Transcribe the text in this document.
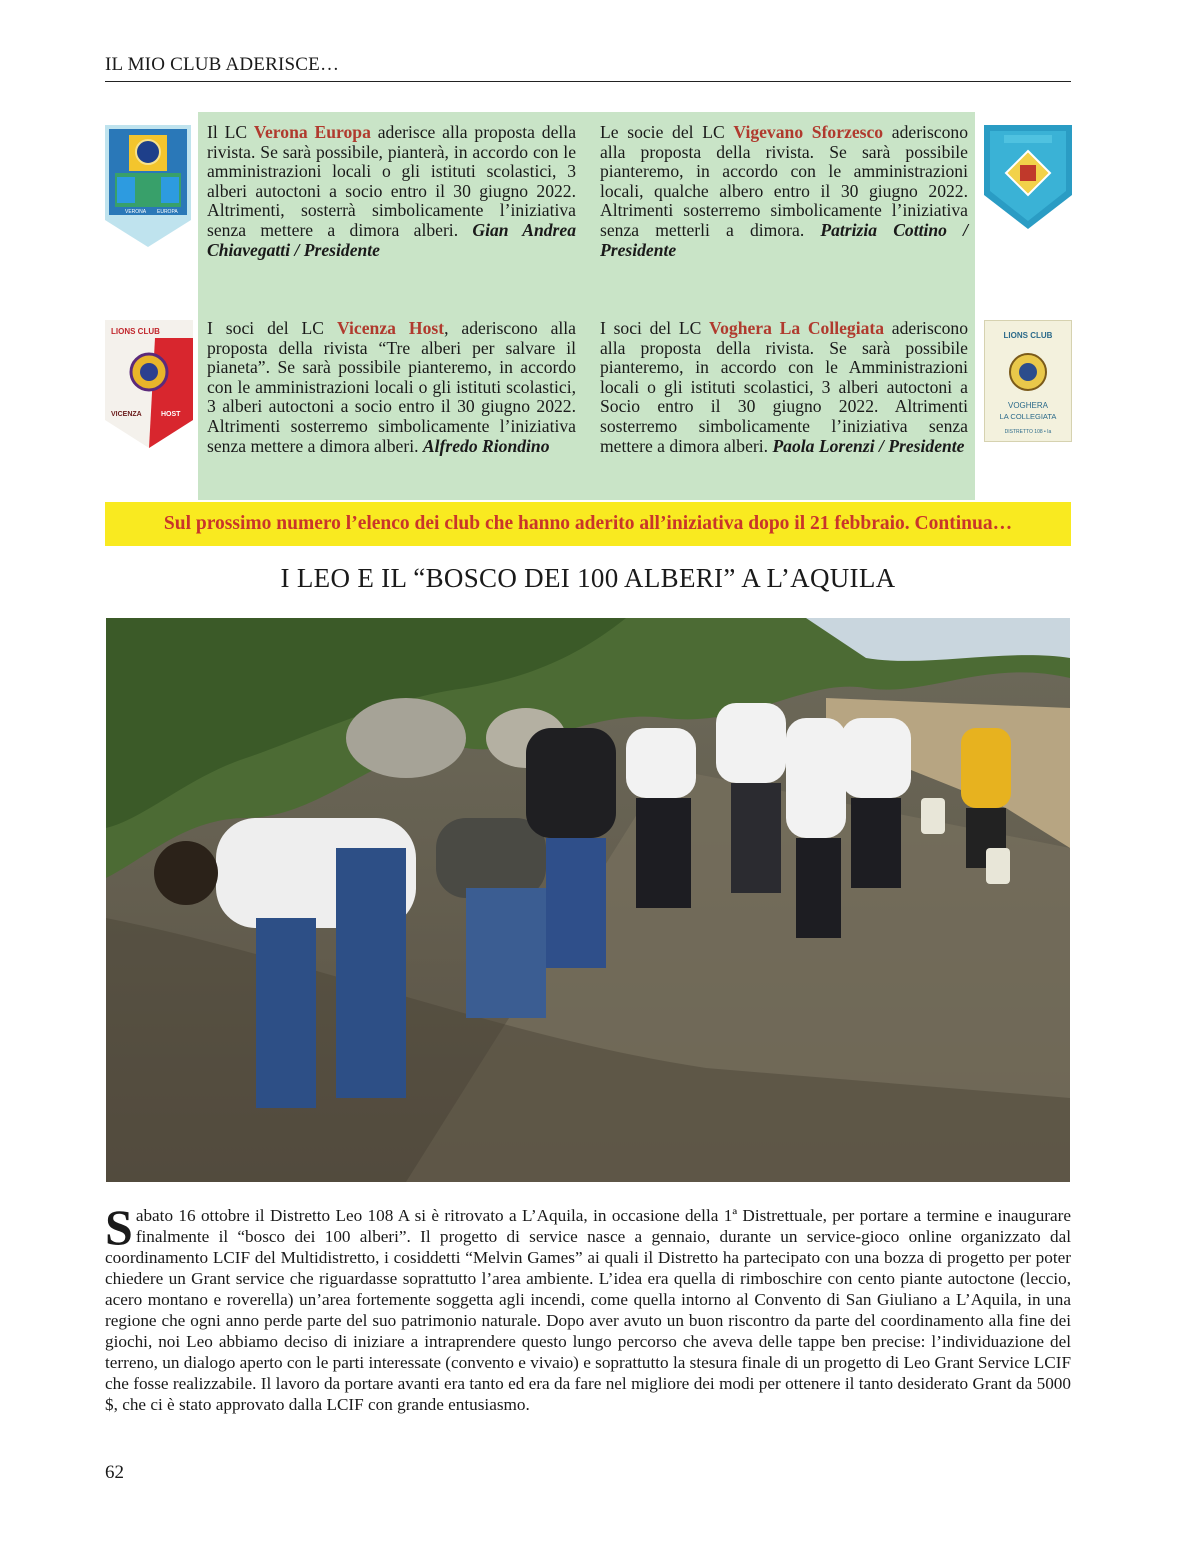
IL MIO CLUB ADERISCE…
VERONA EUROPA
LIONS CLUB
VICENZA	HOST
LIONS CLUB
VOGHERA
LA COLLEGIATA
DISTRETTO 108 • Ia
Il LC Verona Europa aderisce alla proposta della rivista. Se sarà possibile, pianterà, in accordo con le amministrazioni locali o gli istituti scolastici, 3 alberi autoctoni a socio entro il 30 giugno 2022. Altrimenti, sosterrà simbolicamente l’iniziativa senza mettere a dimora alberi. Gian Andrea Chiavegatti / Presidente
Le socie del LC Vigevano Sforzesco aderiscono alla proposta della rivista. Se sarà possibile pianteremo, in accordo con le amministrazioni locali, qualche albero entro il 30 giugno 2022. Altrimenti sosterremo simbolicamente l’iniziativa senza metterli a dimora. Patrizia Cottino / Presidente
I soci del LC Vicenza Host, aderiscono alla proposta della rivista “Tre alberi per salvare il pianeta”. Se sarà possibile pianteremo, in accordo con le amministrazioni locali o gli istituti scolastici, 3 alberi autoctoni a socio entro il 30 giugno 2022. Altrimenti sosterremo simbolicamente l’iniziativa senza mettere a dimora alberi. Alfredo Riondino
I soci del LC Voghera La Collegiata aderiscono alla proposta della rivista. Se sarà possibile pianteremo, in accordo con le Amministrazioni locali o gli istituti scolastici, 3 alberi autoctoni a Socio entro il 30 giugno 2022. Altrimenti sosterremo simbolicamente l’iniziativa senza mettere a dimora alberi. Paola Lorenzi / Presidente
Sul prossimo numero l’elenco dei club che hanno aderito all’iniziativa dopo il 21 febbraio. Continua…
I LEO E IL “BOSCO DEI 100 ALBERI” A L’AQUILA
Sabato 16 ottobre il Distretto Leo 108 A si è ritrovato a L’Aquila, in occasione della 1ª Distrettuale, per portare a termine e inaugurare finalmente il “bosco dei 100 alberi”. Il progetto di service nasce a gennaio, durante un service-gioco online organizzato dal coordinamento LCIF del Multidistretto, i cosiddetti “Melvin Games” ai quali il Distretto ha partecipato con una bozza di progetto per poter chiedere un Grant service che riguardasse soprattutto l’area ambiente. L’idea era quella di rimboschire con cento piante autoctone (leccio, acero montano e roverella) un’area fortemente soggetta agli incendi, come quella intorno al Convento di San Giuliano a L’Aquila, in una regione che ogni anno perde parte del suo patrimonio naturale. Dopo aver avuto un buon riscontro da parte del coordinamento alla fine dei giochi, noi Leo abbiamo deciso di iniziare a intraprendere questo lungo percorso che aveva delle tappe ben precise: l’individuazione del terreno, un dialogo aperto con le parti interessate (convento e vivaio) e soprattutto la stesura finale di un progetto di Leo Grant Service LCIF che fosse realizzabile. Il lavoro da portare avanti era tanto ed era da fare nel migliore dei modi per ottenere il tanto desiderato Grant da 5000 $, che ci è stato approvato dalla LCIF con grande entusiasmo.
62
